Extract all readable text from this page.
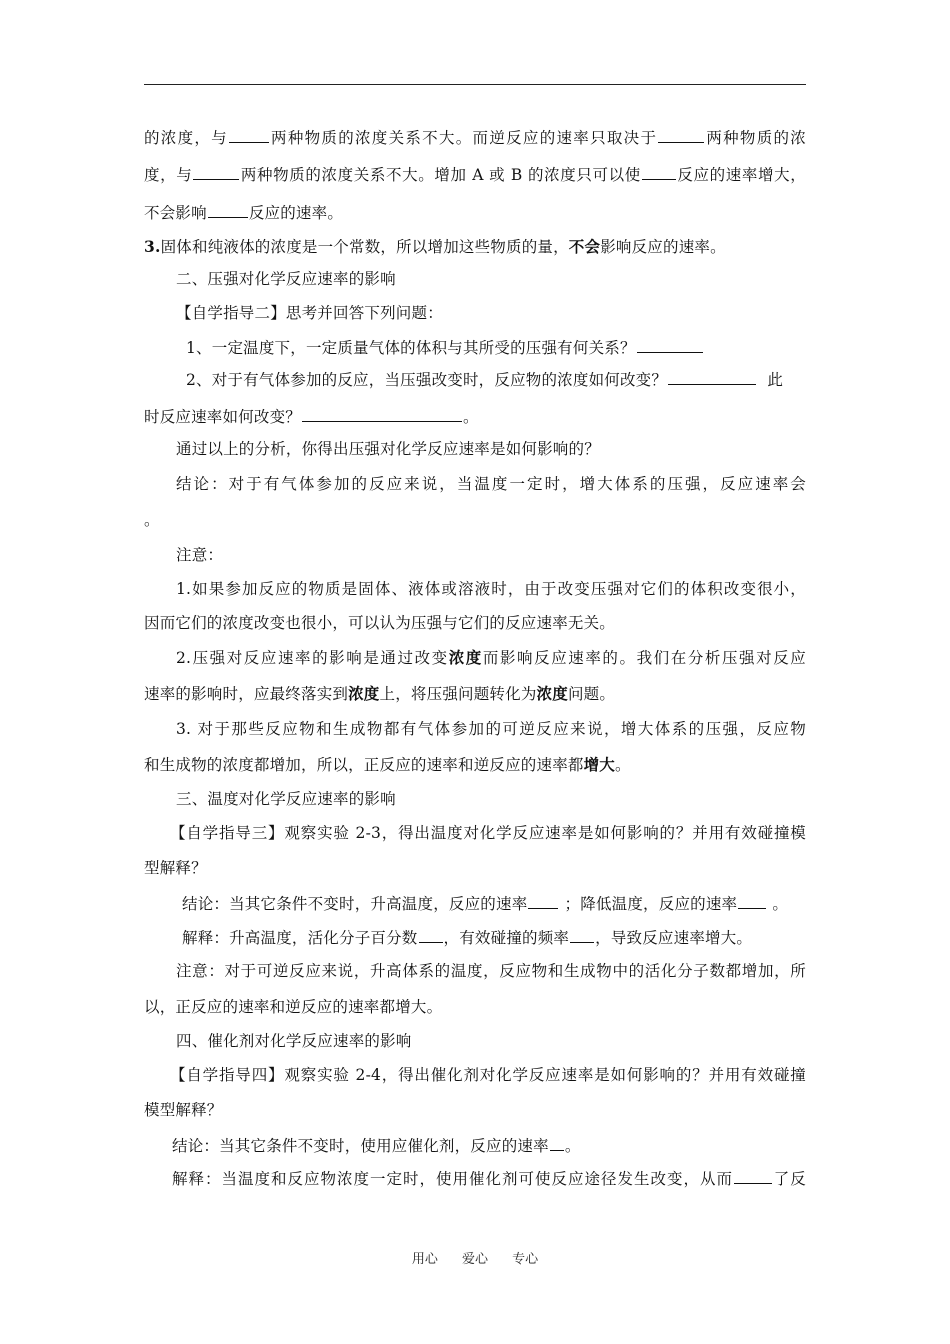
的浓度，与	两种物质的浓度关系不大。而逆反应的速率只取决于	两种物质的浓
度，与	两种物质的浓度关系不大。增加 A 或 B 的浓度只可以使 反应的速率增大，
不会影响	反应的速率。
3.固体和纯液体的浓度是一个常数，所以增加这些物质的量，不会影响反应的速率。
二、压强对化学反应速率的影响
【自学指导二】思考并回答下列问题：
1、一定温度下，一定质量气体的体积与其所受的压强有何关系？
2、对于有气体参加的反应，当压强改变时，反应物的浓度如何改变？	此
时反应速率如何改变？	。
通过以上的分析，你得出压强对化学反应速率是如何影响的？
结论：对于有气体参加的反应来说，当温度一定时，增大体系的压强，反应速率会
。
注意：
1.如果参加反应的物质是固体、液体或溶液时，由于改变压强对它们的体积改变很小，
因而它们的浓度改变也很小，可以认为压强与它们的反应速率无关。
2.压强对反应速率的影响是通过改变浓度而影响反应速率的。我们在分析压强对反应
速率的影响时，应最终落实到浓度上，将压强问题转化为浓度问题。
3. 对于那些反应物和生成物都有气体参加的可逆反应来说，增大体系的压强，反应物
和生成物的浓度都增加，所以，正反应的速率和逆反应的速率都增大。
三、温度对化学反应速率的影响
【自学指导三】观察实验 2-3，得出温度对化学反应速率是如何影响的？并用有效碰撞模
型解释？
结论：当其它条件不变时，升高温度，反应的速率 ；降低温度，反应的速率 。
解释：升高温度，活化分子百分数 ，有效碰撞的频率 ，导致反应速率增大。
注意：对于可逆反应来说，升高体系的温度，反应物和生成物中的活化分子数都增加，所
以，正反应的速率和逆反应的速率都增大。
四、催化剂对化学反应速率的影响
【自学指导四】观察实验 2-4，得出催化剂对化学反应速率是如何影响的？并用有效碰撞
模型解释？
结论：当其它条件不变时，使用应催化剂，反应的速率 。
解释：当温度和反应物浓度一定时，使用催化剂可使反应途径发生改变，从而	了反
用心 爱心 专心
